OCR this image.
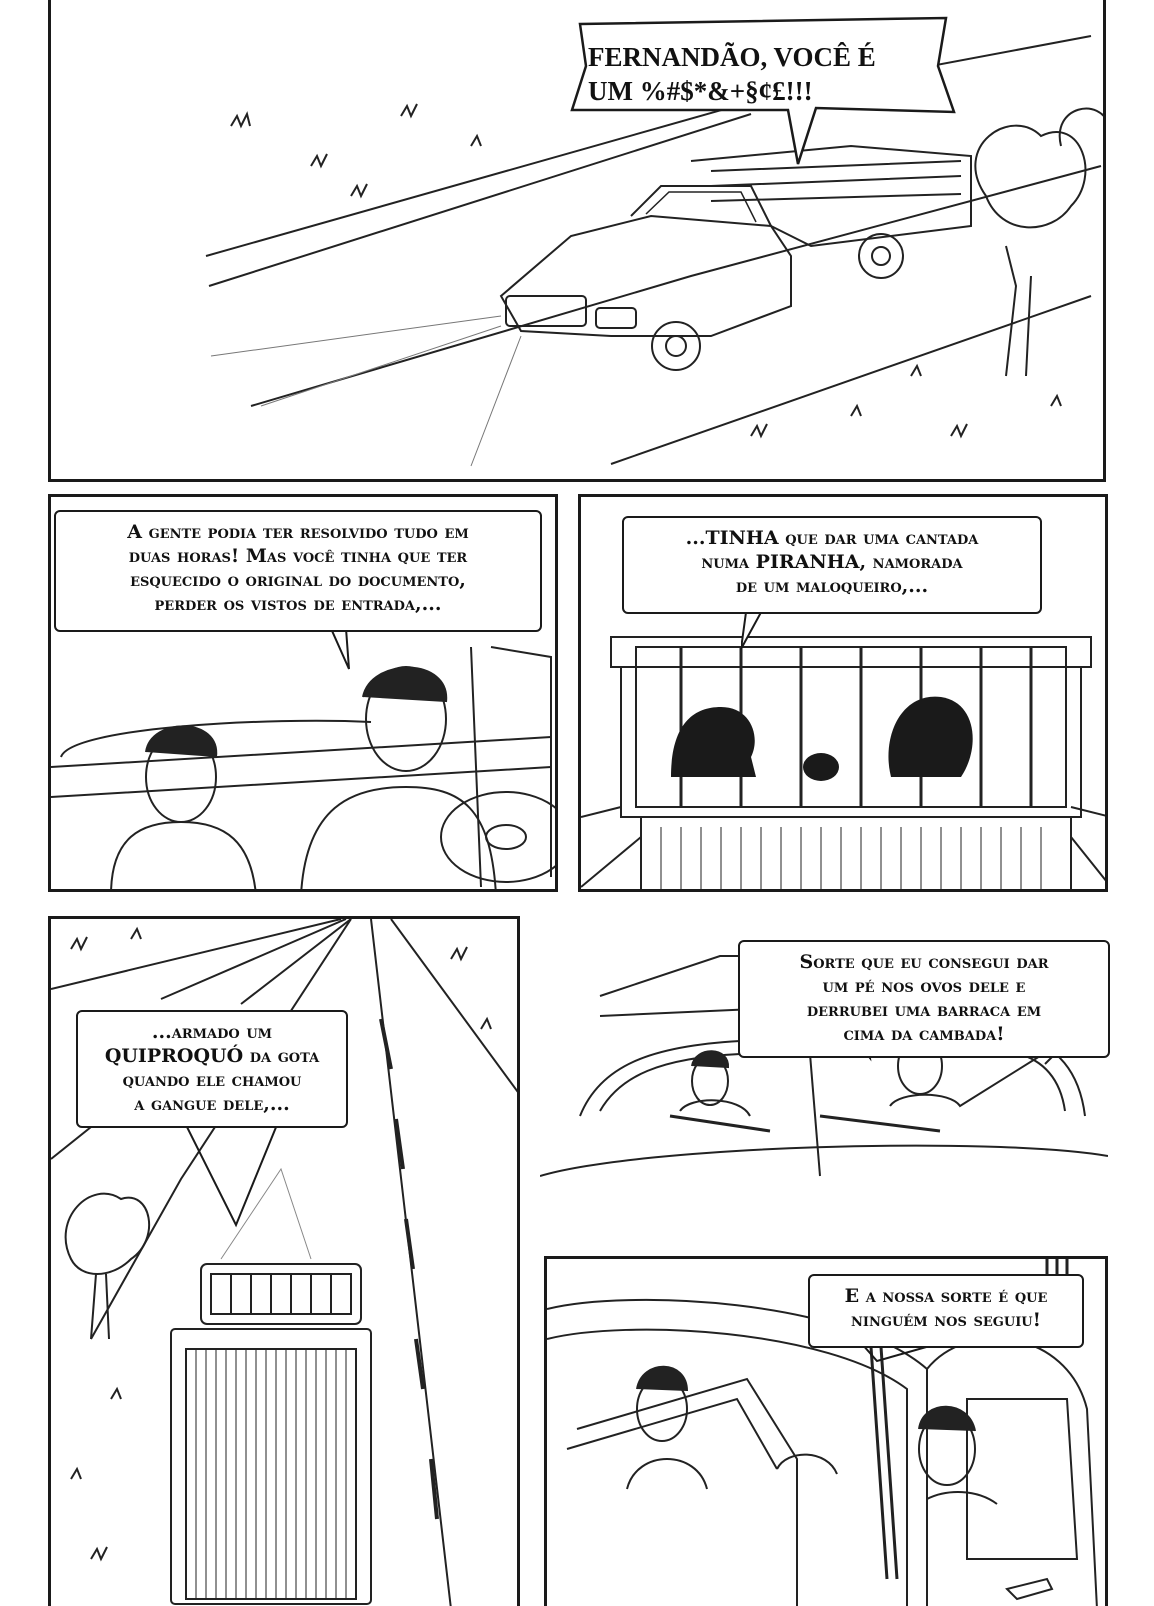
FERNANDÃO, VOCÊ É
UM %#$*&+§¢£!!!
A gente podia ter resolvido tudo em
duas horas! Mas você tinha que ter
esquecido o original do documento,
perder os vistos de entrada,...
...TINHA que dar uma cantada
numa PIRANHA, namorada
de um maloqueiro,...
...armado um
QUIPROQUÓ da gota
quando ele chamou
a gangue dele,...
Sorte que eu consegui dar
um pé nos ovos dele e
derrubei uma barraca em
cima da cambada!
E a nossa sorte é que
ninguém nos seguiu!
